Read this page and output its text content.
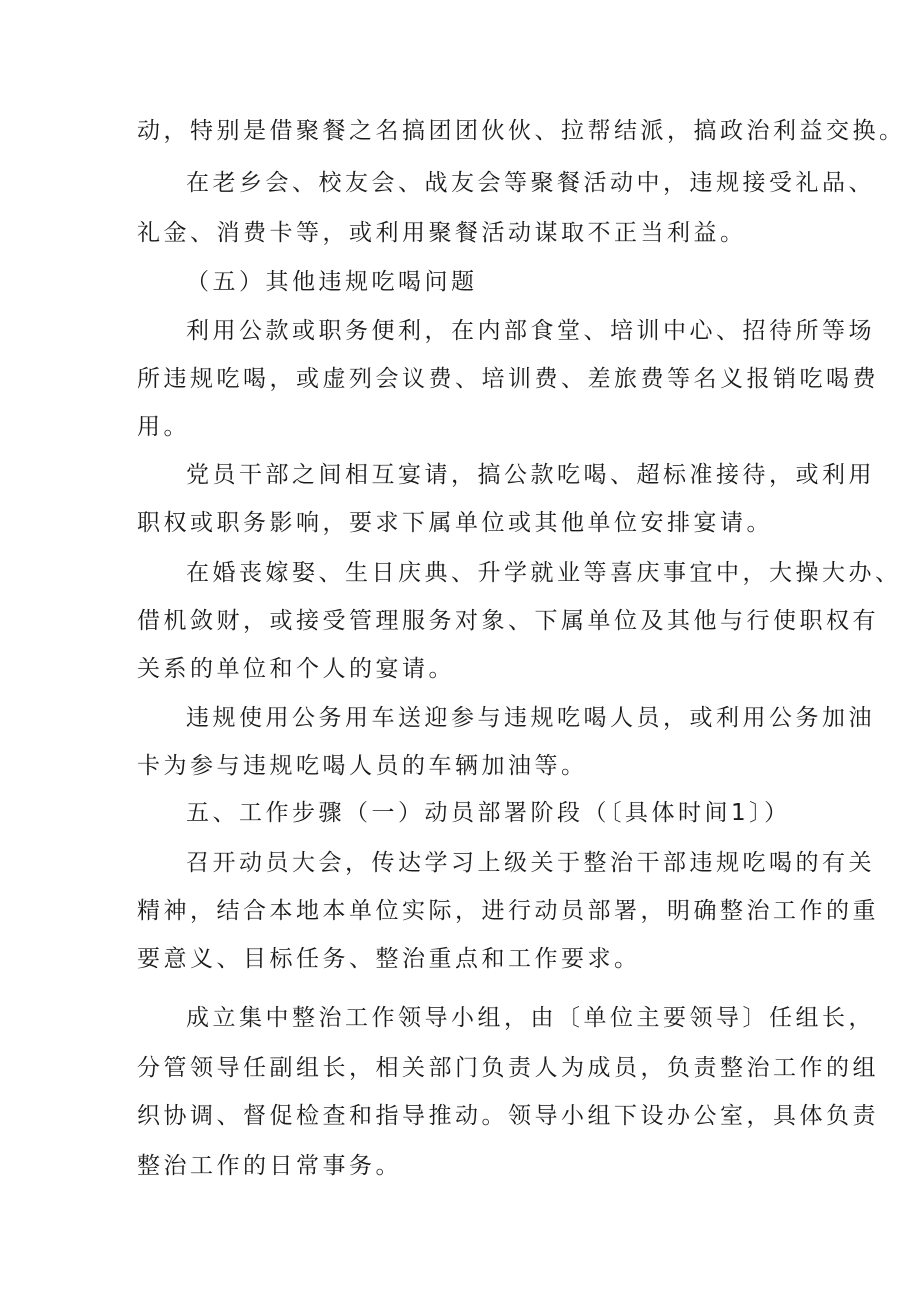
动，特别是借聚餐之名搞团团伙伙、拉帮结派，搞政治利益交换。
在老乡会、校友会、战友会等聚餐活动中，违规接受礼品、
礼金、消费卡等，或利用聚餐活动谋取不正当利益。
（五）其他违规吃喝问题
利用公款或职务便利，在内部食堂、培训中心、招待所等场
所违规吃喝，或虚列会议费、培训费、差旅费等名义报销吃喝费
用。
党员干部之间相互宴请，搞公款吃喝、超标准接待，或利用
职权或职务影响，要求下属单位或其他单位安排宴请。
在婚丧嫁娶、生日庆典、升学就业等喜庆事宜中，大操大办、
借机敛财，或接受管理服务对象、下属单位及其他与行使职权有
关系的单位和个人的宴请。
违规使用公务用车送迎参与违规吃喝人员，或利用公务加油
卡为参与违规吃喝人员的车辆加油等。
五、工作步骤（一）动员部署阶段（〔具体时间1〕）
召开动员大会，传达学习上级关于整治干部违规吃喝的有关
精神，结合本地本单位实际，进行动员部署，明确整治工作的重
要意义、目标任务、整治重点和工作要求。
成立集中整治工作领导小组，由〔单位主要领导〕任组长，
分管领导任副组长，相关部门负责人为成员，负责整治工作的组
织协调、督促检查和指导推动。领导小组下设办公室，具体负责
整治工作的日常事务。
